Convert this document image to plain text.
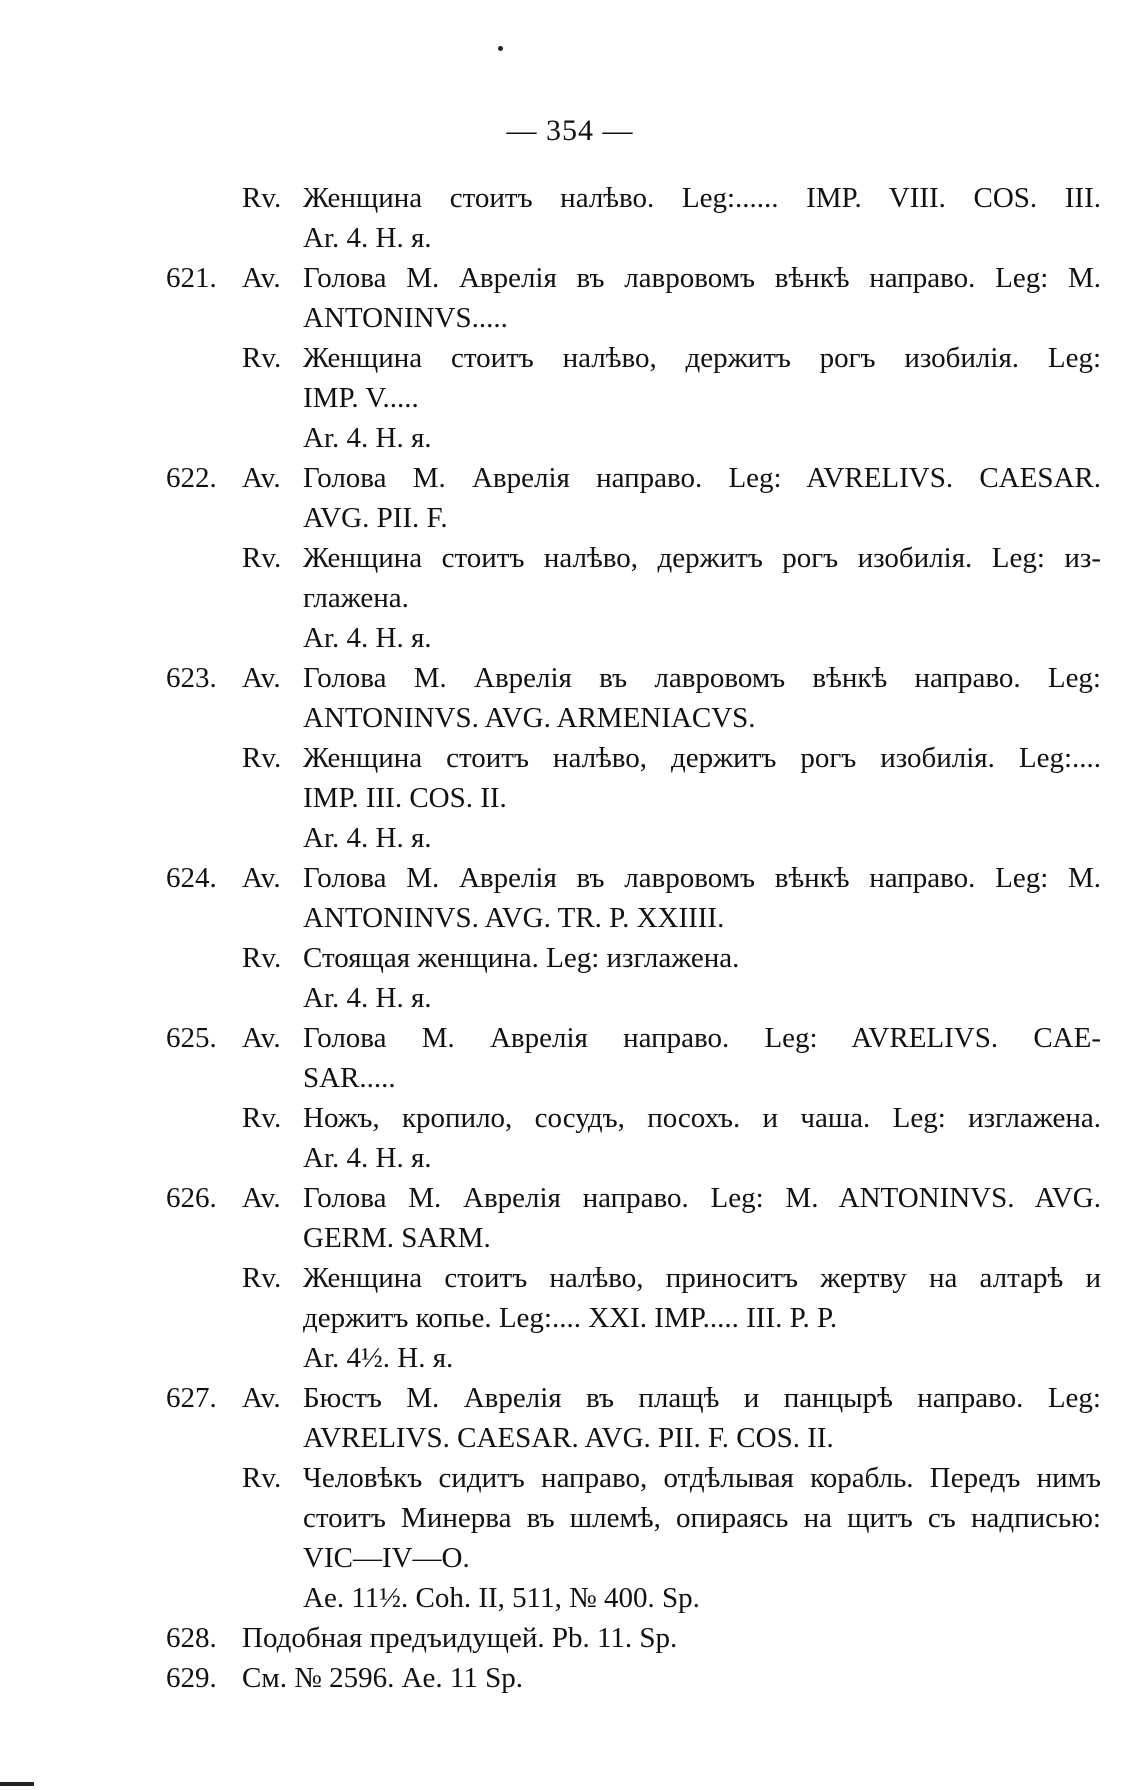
— 354 —
Rv. Женщина стоитъ налѣво. Leg:...... IMP. VIII. COS. III.
Ar. 4. H. я.
621. Av. Голова М. Аврелія въ лавровомъ вѣнкѣ направо. Leg: M.
ANTONINVS.....
Rv. Женщина стоитъ налѣво, держитъ рогъ изобилія. Leg:
IMP. V.....
Ar. 4. H. я.
622. Av. Голова М. Аврелія направо. Leg: AVRELIVS. CAESAR.
AVG. PII. F.
Rv. Женщина стоитъ налѣво, держитъ рогъ изобилія. Leg: из-
глажена.
Ar. 4. H. я.
623. Av. Голова М. Аврелія въ лавровомъ вѣнкѣ направо. Leg:
ANTONINVS. AVG. ARMENIACVS.
Rv. Женщина стоитъ налѣво, держитъ рогъ изобилія. Leg:....
IMP. III. COS. II.
Ar. 4. H. я.
624. Av. Голова М. Аврелія въ лавровомъ вѣнкѣ направо. Leg: M.
ANTONINVS. AVG. TR. P. XXIIII.
Rv. Стоящая женщина. Leg: изглажена.
Ar. 4. H. я.
625. Av. Голова М. Аврелія направо. Leg: AVRELIVS. CAE-
SAR.....
Rv. Ножъ, кропило, сосудъ, посохъ. и чаша. Leg: изглажена.
Ar. 4. H. я.
626. Av. Голова М. Аврелія направо. Leg: M. ANTONINVS. AVG.
GERM. SARM.
Rv. Женщина стоитъ налѣво, приноситъ жертву на алтарѣ и
держитъ копье. Leg:.... XXI. IMP..... III. P. P.
Ar. 4½. H. я.
627. Av. Бюстъ М. Аврелія въ плащѣ и панцырѣ направо. Leg:
AVRELIVS. CAESAR. AVG. PII. F. COS. II.
Rv. Человѣкъ сидитъ направо, отдѣлывая корабль. Передъ нимъ
стоитъ Минерва въ шлемѣ, опираясь на щитъ съ надписью:
VIC—IV—O.
Ae. 11½. Coh. II, 511, № 400. Sp.
628. Подобная предъидущей. Pb. 11. Sp.
629. См. № 2596. Ae. 11 Sp.
